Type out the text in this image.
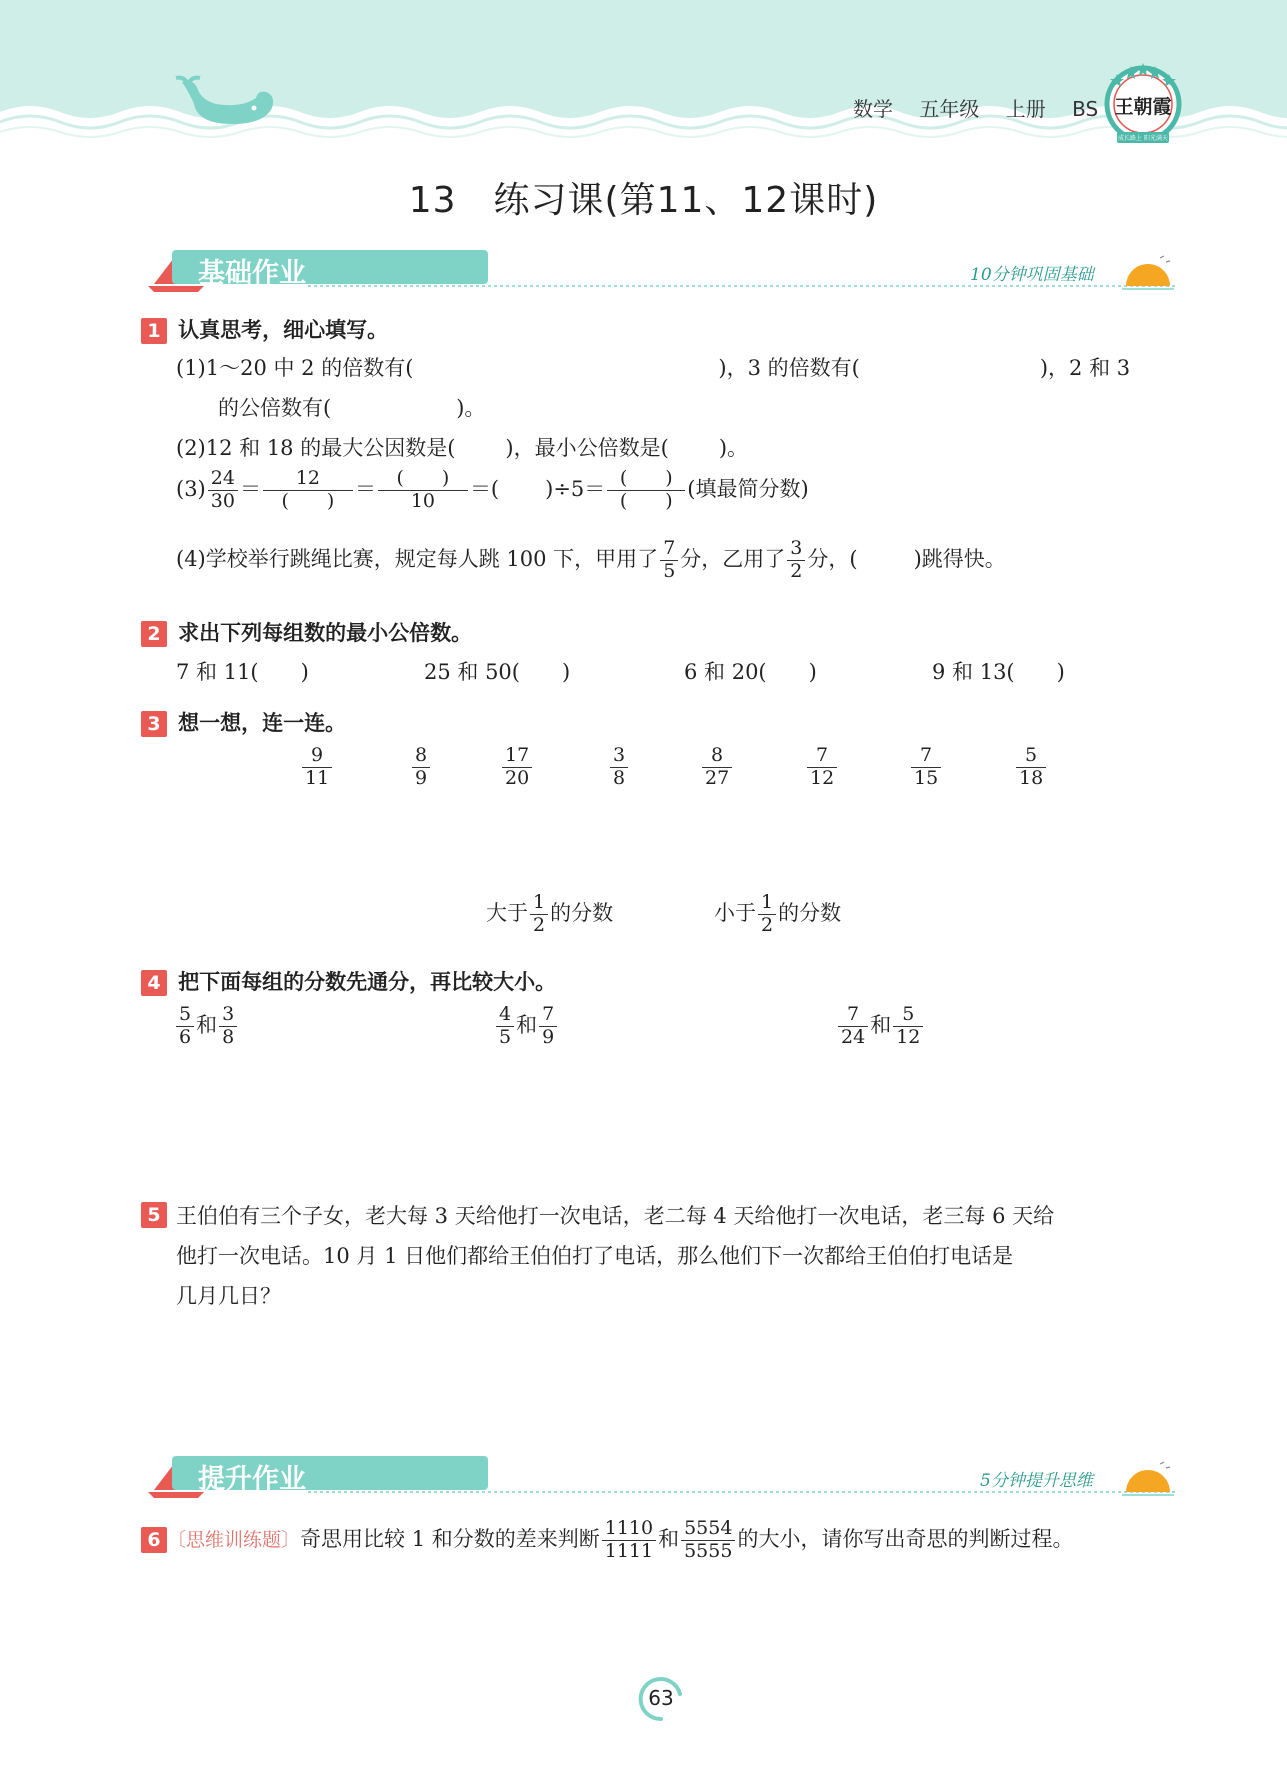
数学 五年级 上册 BS 王朝霞
成长路上 阳光满天
13　练习课(第11、12课时)
基础作业	10分钟巩固基础
1 认真思考，细心填写。
(1)1～20 中 2 的倍数有(	)，3 的倍数有(	)，2 和 3
的公倍数有(	)。
(2)12 和 18 的最大公因数是( )，最小公倍数是( )。
$(3) \frac{24}{30} = \frac{12}{( )} = \frac{( )}{10}$ ＝( )$\div 5= \frac{( )}{( )}$ (填最简分数)
(4)学校举行跳绳比赛，规定每人跳 100 下，甲用了 $\frac{7}{5}$ 分，乙用了 $\frac{3}{2}$ 分，(	)跳得快。
2 求出下列每组数的最小公倍数。
7 和 11(　　)	25 和 50(　　)	6 和 20(　　)	9 和 13(　　)
3 想一想，连一连。
$\frac{9}{11}$	$\frac{8}{9}$	$\frac{17}{20}$	$\frac{3}{8}$	$\frac{8}{27}$	$\frac{7}{12}$	$\frac{7}{15}$	$\frac{5}{18}$
大于 $\frac{1}{2}$ 的分数	小于 $\frac{1}{2}$ 的分数
4 把下面每组的分数先通分，再比较大小。
$\frac{5}{6}$ 和 $\frac{3}{8}$	$\frac{4}{5}$ 和 $\frac{7}{9}$	$\frac{7}{24}$ 和 $\frac{5}{12}$
5 王伯伯有三个子女，老大每 3 天给他打一次电话，老二每 4 天给他打一次电话，老三每 6 天给
他打一次电话。10 月 1 日他们都给王伯伯打了电话，那么他们下一次都给王伯伯打电话是
几月几日？
提升作业	5分钟提升思维
6 〔思维训练题〕奇思用比较 1 和分数的差来判断 $\frac{1110}{1111}$ 和 $\frac{5554}{5555}$ 的大小，请你写出奇思的判断过程。
63
